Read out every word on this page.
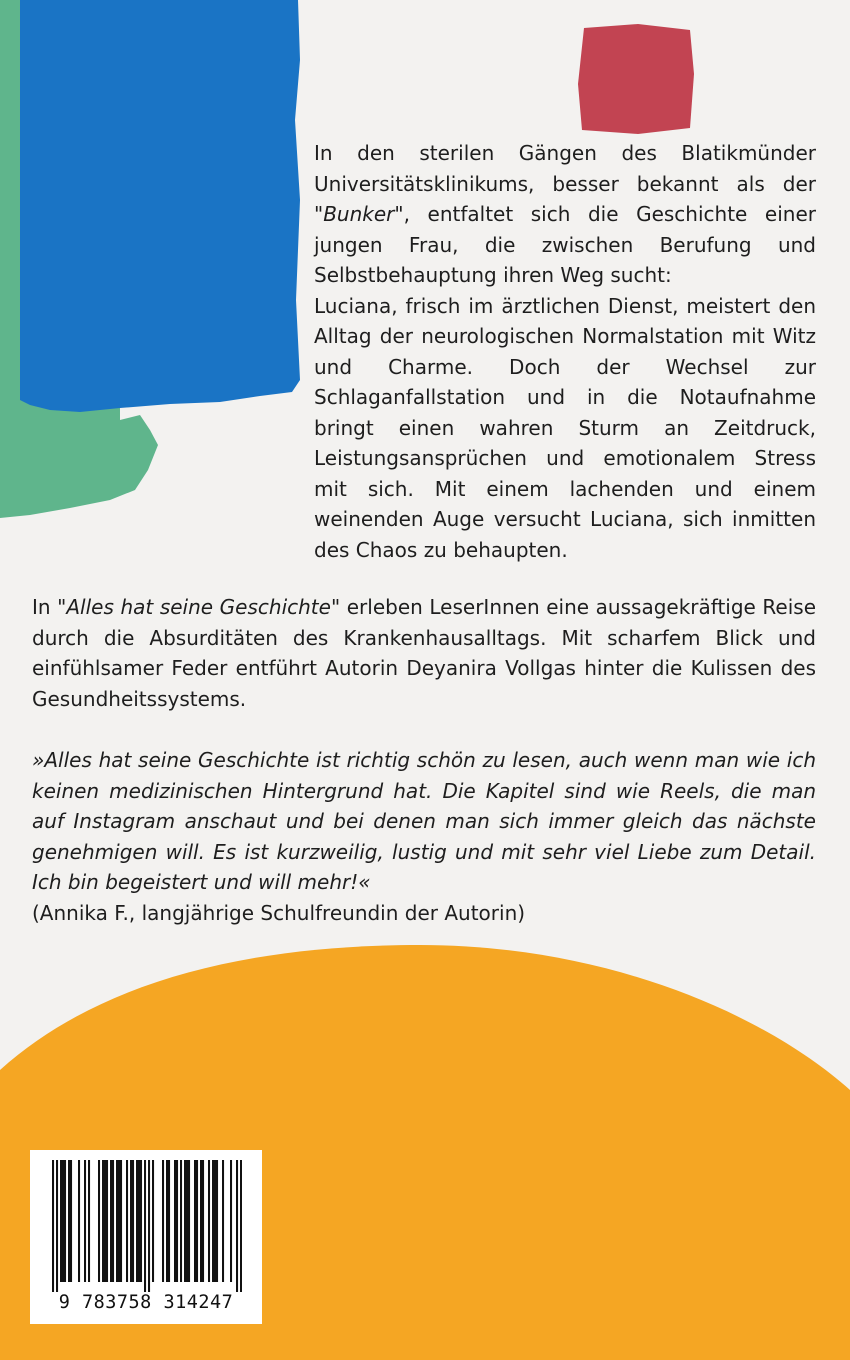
In den sterilen Gängen des Blatikmünder Universitätsklinikums, besser bekannt als der "Bunker", entfaltet sich die Geschichte einer jungen Frau, die zwischen Berufung und Selbstbehauptung ihren Weg sucht:

Luciana, frisch im ärztlichen Dienst, meistert den Alltag der neurologischen Normalstation mit Witz und Charme. Doch der Wechsel zur Schlaganfallstation und in die Notaufnahme bringt einen wahren Sturm an Zeitdruck, Leistungsansprüchen und emotionalem Stress mit sich. Mit einem lachenden und einem weinenden Auge versucht Luciana, sich inmitten des Chaos zu behaupten.

In "Alles hat seine Geschichte" erleben LeserInnen eine aussagekräftige Reise durch die Absurditäten des Krankenhausalltags. Mit scharfem Blick und einfühlsamer Feder entführt Autorin Deyanira Vollgas hinter die Kulissen des Gesundheitssystems.

»Alles hat seine Geschichte ist richtig schön zu lesen, auch wenn man wie ich keinen medizinischen Hintergrund hat. Die Kapitel sind wie Reels, die man auf Instagram anschaut und bei denen man sich immer gleich das nächste genehmigen will. Es ist kurzweilig, lustig und mit sehr viel Liebe zum Detail. Ich bin begeistert und will mehr!«

(Annika F., langjährige Schulfreundin der Autorin)

9 783758 314247
